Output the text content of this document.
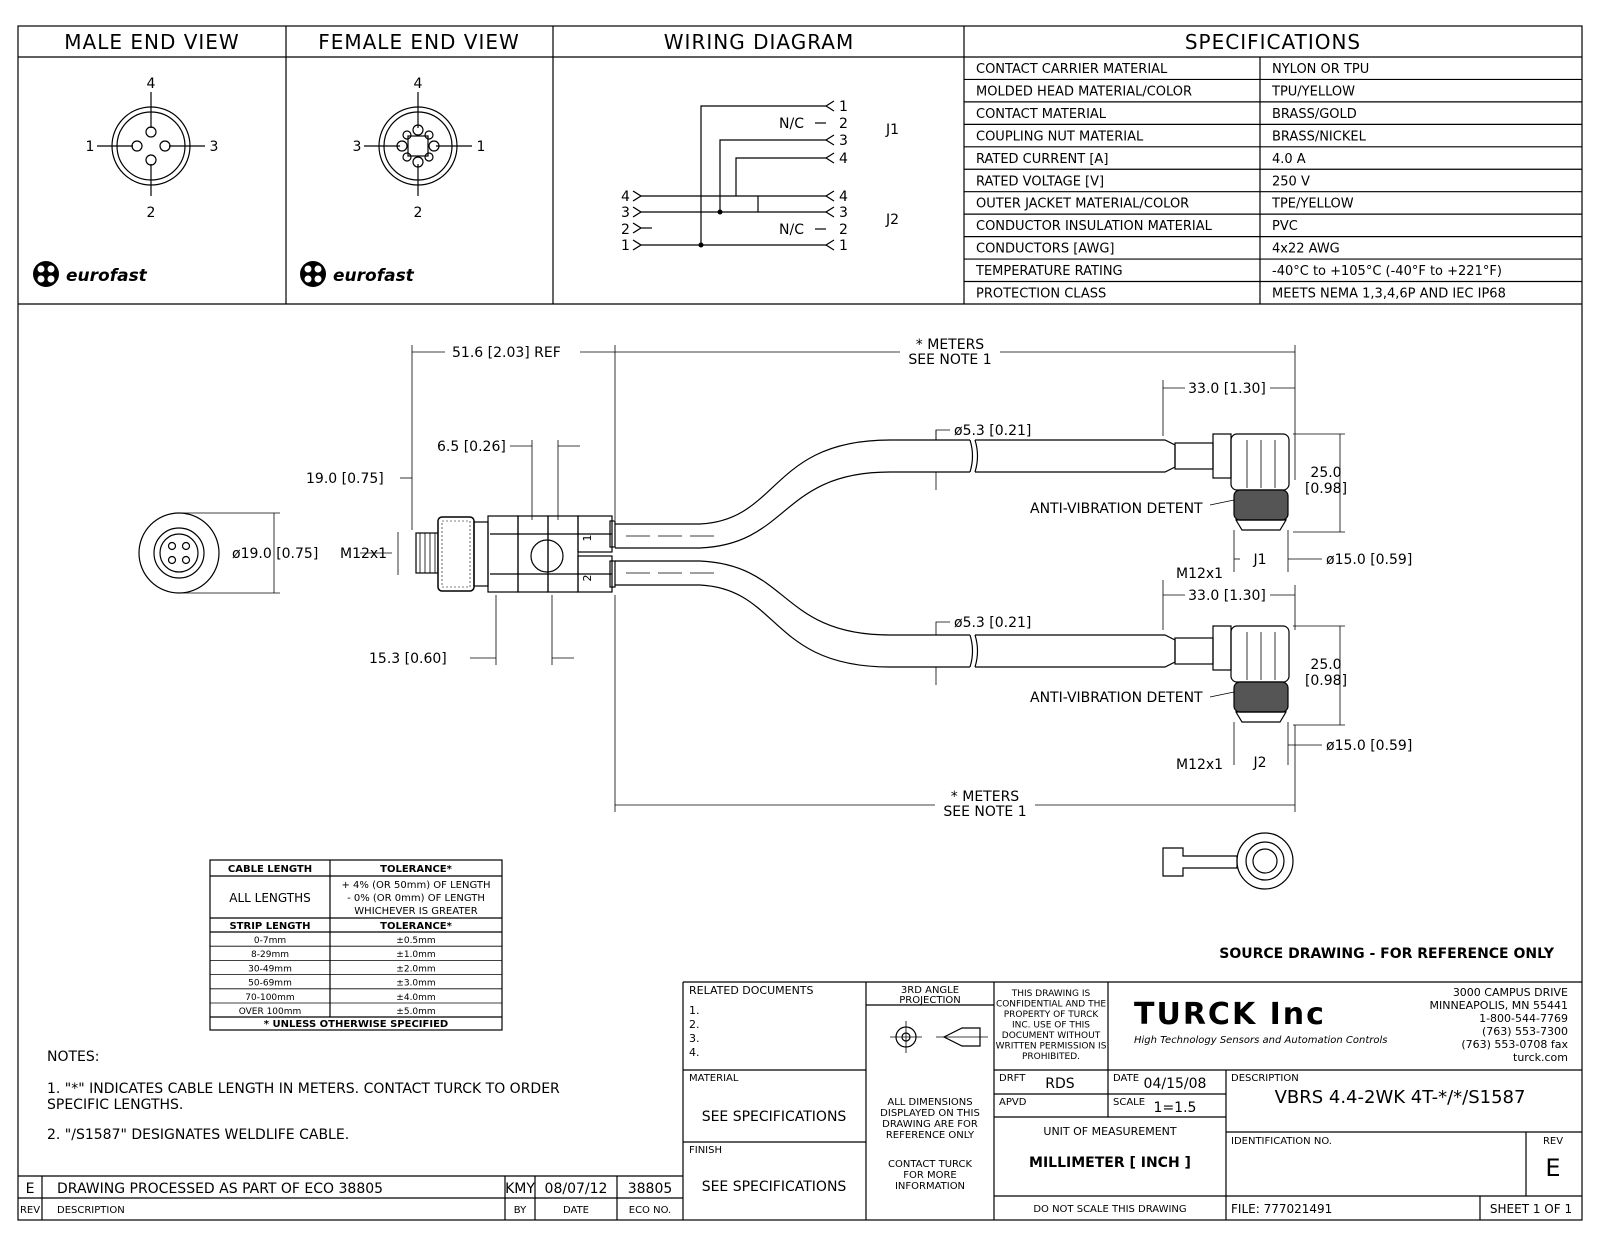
MALE END VIEW	FEMALE END VIEW	WIRING DIAGRAM	SPECIFICATIONS
4
1	3
2
4
3	1
2
eurofast	eurofast
1
2
3
4
4
3
2
1
4
3
2
1
N/C
N/C
J1
J2
CONTACT CARRIER MATERIAL	NYLON OR TPU
MOLDED HEAD MATERIAL/COLOR	TPU/YELLOW
CONTACT MATERIAL	BRASS/GOLD
COUPLING NUT MATERIAL	BRASS/NICKEL
RATED CURRENT [A]	4.0 A
RATED VOLTAGE [V]	250 V
OUTER JACKET MATERIAL/COLOR	TPE/YELLOW
CONDUCTOR INSULATION MATERIAL	PVC
CONDUCTORS [AWG]	4x22 AWG
TEMPERATURE RATING	-40°C to +105°C (-40°F to +221°F)
PROTECTION CLASS	MEETS NEMA 1,3,4,6P AND IEC IP68
ø19.0 [0.75]
1
2
51.6 [2.03] REF	* METERS
SEE NOTE 1
33.0 [1.30]
ø5.3 [0.21]
25.0
[0.98]
6.5 [0.26]
19.0 [0.75]
M12x1
ANTI-VIBRATION DETENT
ø15.0 [0.59]
M12x1
J1
15.3 [0.60]
33.0 [1.30]
ø5.3 [0.21]
25.0
[0.98]
ANTI-VIBRATION DETENT
ø15.0 [0.59]
M12x1 J2
* METERS
SEE NOTE 1
SOURCE DRAWING - FOR REFERENCE ONLY
CABLE LENGTH	TOLERANCE*
ALL LENGTHS
+ 4% (OR 50mm) OF LENGTH
- 0% (OR 0mm) OF LENGTH
WHICHEVER IS GREATER
STRIP LENGTH	TOLERANCE*
0-7mm	±0.5mm
8-29mm	±1.0mm
30-49mm	±2.0mm
50-69mm	±3.0mm
70-100mm	±4.0mm
OVER 100mm	±5.0mm
* UNLESS OTHERWISE SPECIFIED
NOTES:
1. "*" INDICATES CABLE LENGTH IN METERS. CONTACT TURCK TO ORDER
SPECIFIC LENGTHS.
2. "/S1587" DESIGNATES WELDLIFE CABLE.
E DRAWING PROCESSED AS PART OF ECO 38805	KMY 08/07/12 38805
REV DESCRIPTION	BY	DATE	ECO NO.
RELATED DOCUMENTS
1.
2.
3.
4.
3RD ANGLE
PROJECTION
THIS DRAWING IS
CONFIDENTIAL AND THE
PROPERTY OF TURCK
INC. USE OF THIS
DOCUMENT WITHOUT
WRITTEN PERMISSION IS
PROHIBITED.
TURCK Inc
High Technology Sensors and Automation Controls
3000 CAMPUS DRIVE
MINNEAPOLIS, MN 55441
1-800-544-7769
(763) 553-7300
(763) 553-0708 fax
turck.com
MATERIAL
SEE SPECIFICATIONS
FINISH
SEE SPECIFICATIONS
ALL DIMENSIONS
DISPLAYED ON THIS
DRAWING ARE FOR
REFERENCE ONLY
CONTACT TURCK
FOR MORE
INFORMATION
DRFT RDS	DATE 04/15/08
APVD	SCALE 1=1.5
UNIT OF MEASUREMENT
MILLIMETER [ INCH ]
DO NOT SCALE THIS DRAWING
DESCRIPTION
VBRS 4.4-2WK 4T-*/*/S1587
IDENTIFICATION NO.	REV
E
FILE: 777021491	SHEET 1 OF 1
